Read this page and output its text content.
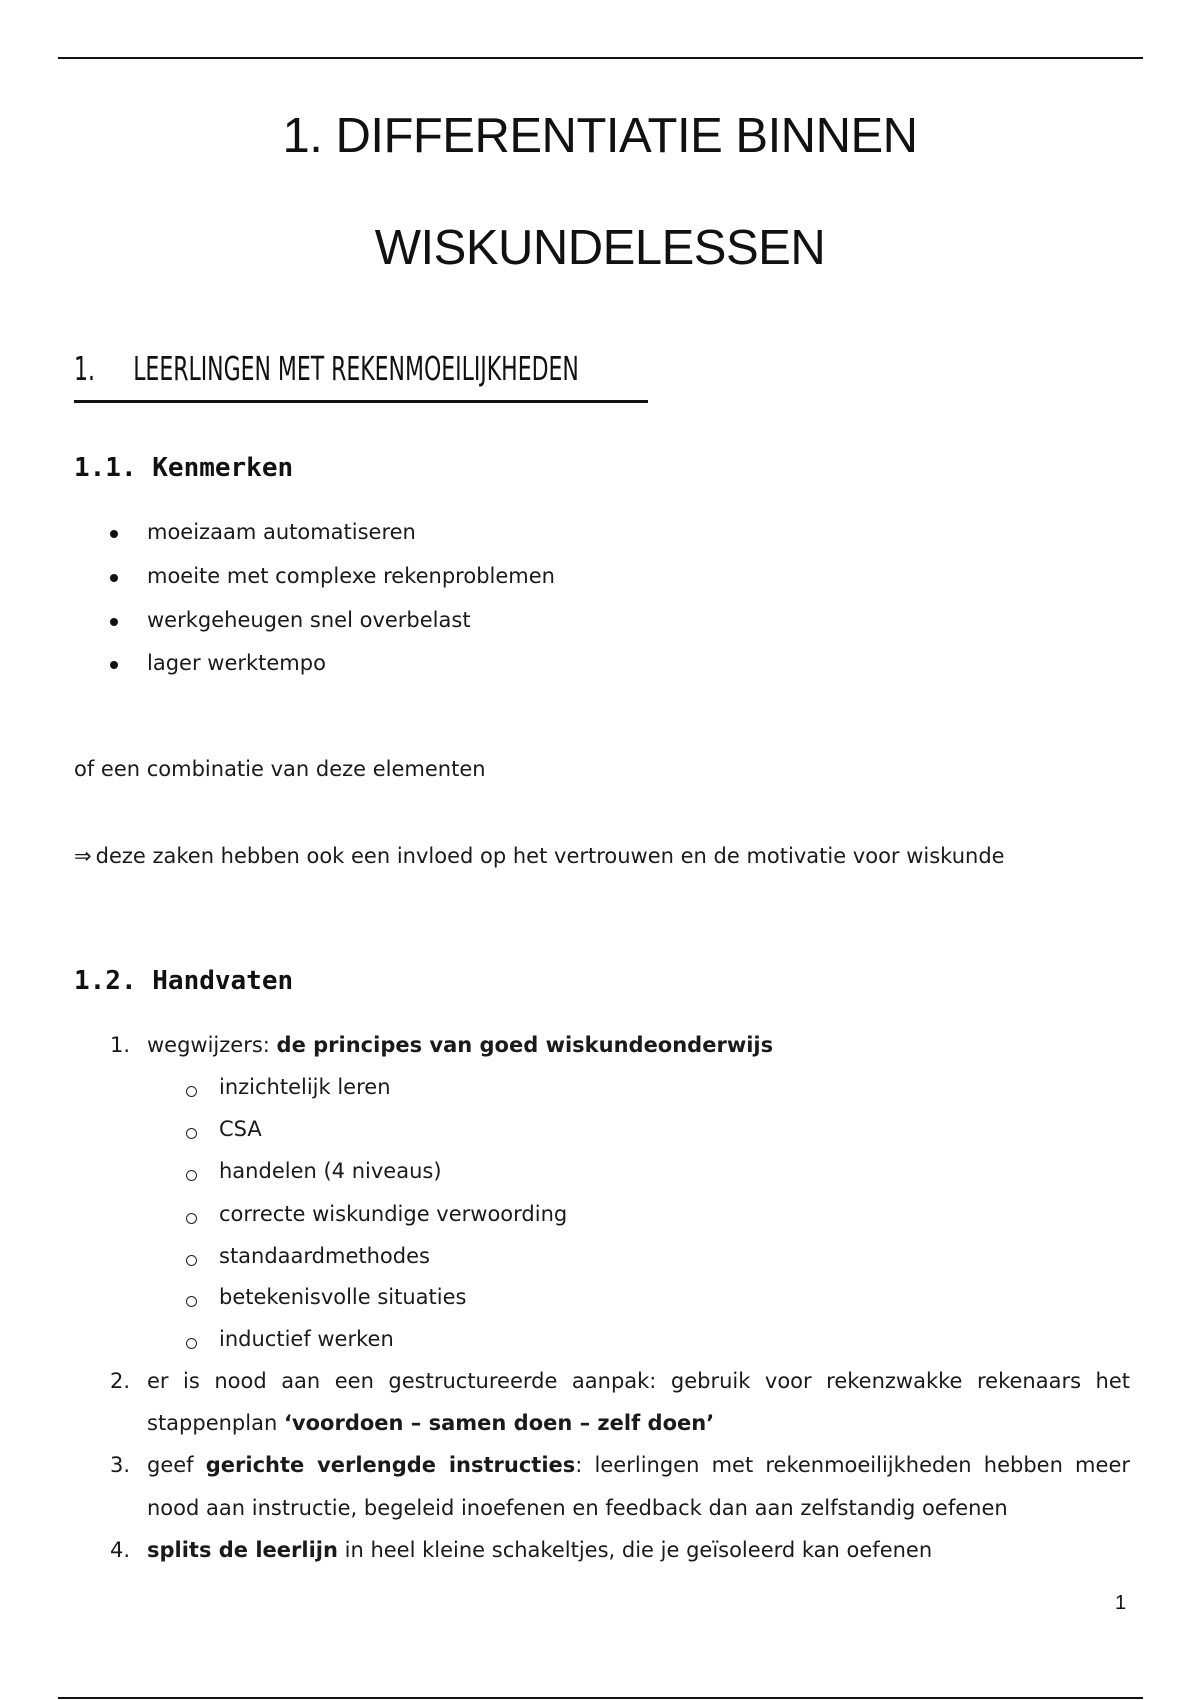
1. DIFFERENTIATIE BINNEN
WISKUNDELESSEN
1. LEERLINGEN MET REKENMOEILIJKHEDEN
1.1. Kenmerken
moeizaam automatiseren
moeite met complexe rekenproblemen
werkgeheugen snel overbelast
lager werktempo

of een combinatie van deze elementen

⇒ deze zaken hebben ook een invloed op het vertrouwen en de motivatie voor wiskunde

1.2. Handvaten
1. wegwijzers: de principes van goed wiskundeonderwijs
inzichtelijk leren
CSA
handelen (4 niveaus)
correcte wiskundige verwoording
standaardmethodes
betekenisvolle situaties
inductief werken
2. er is nood aan een gestructureerde aanpak: gebruik voor rekenzwakke rekenaars het
stappenplan ‘voordoen – samen doen – zelf doen’
3. geef gerichte verlengde instructies: leerlingen met rekenmoeilijkheden hebben meer
nood aan instructie, begeleid inoefenen en feedback dan aan zelfstandig oefenen
4. splits de leerlijn in heel kleine schakeltjes, die je geïsoleerd kan oefenen
1
